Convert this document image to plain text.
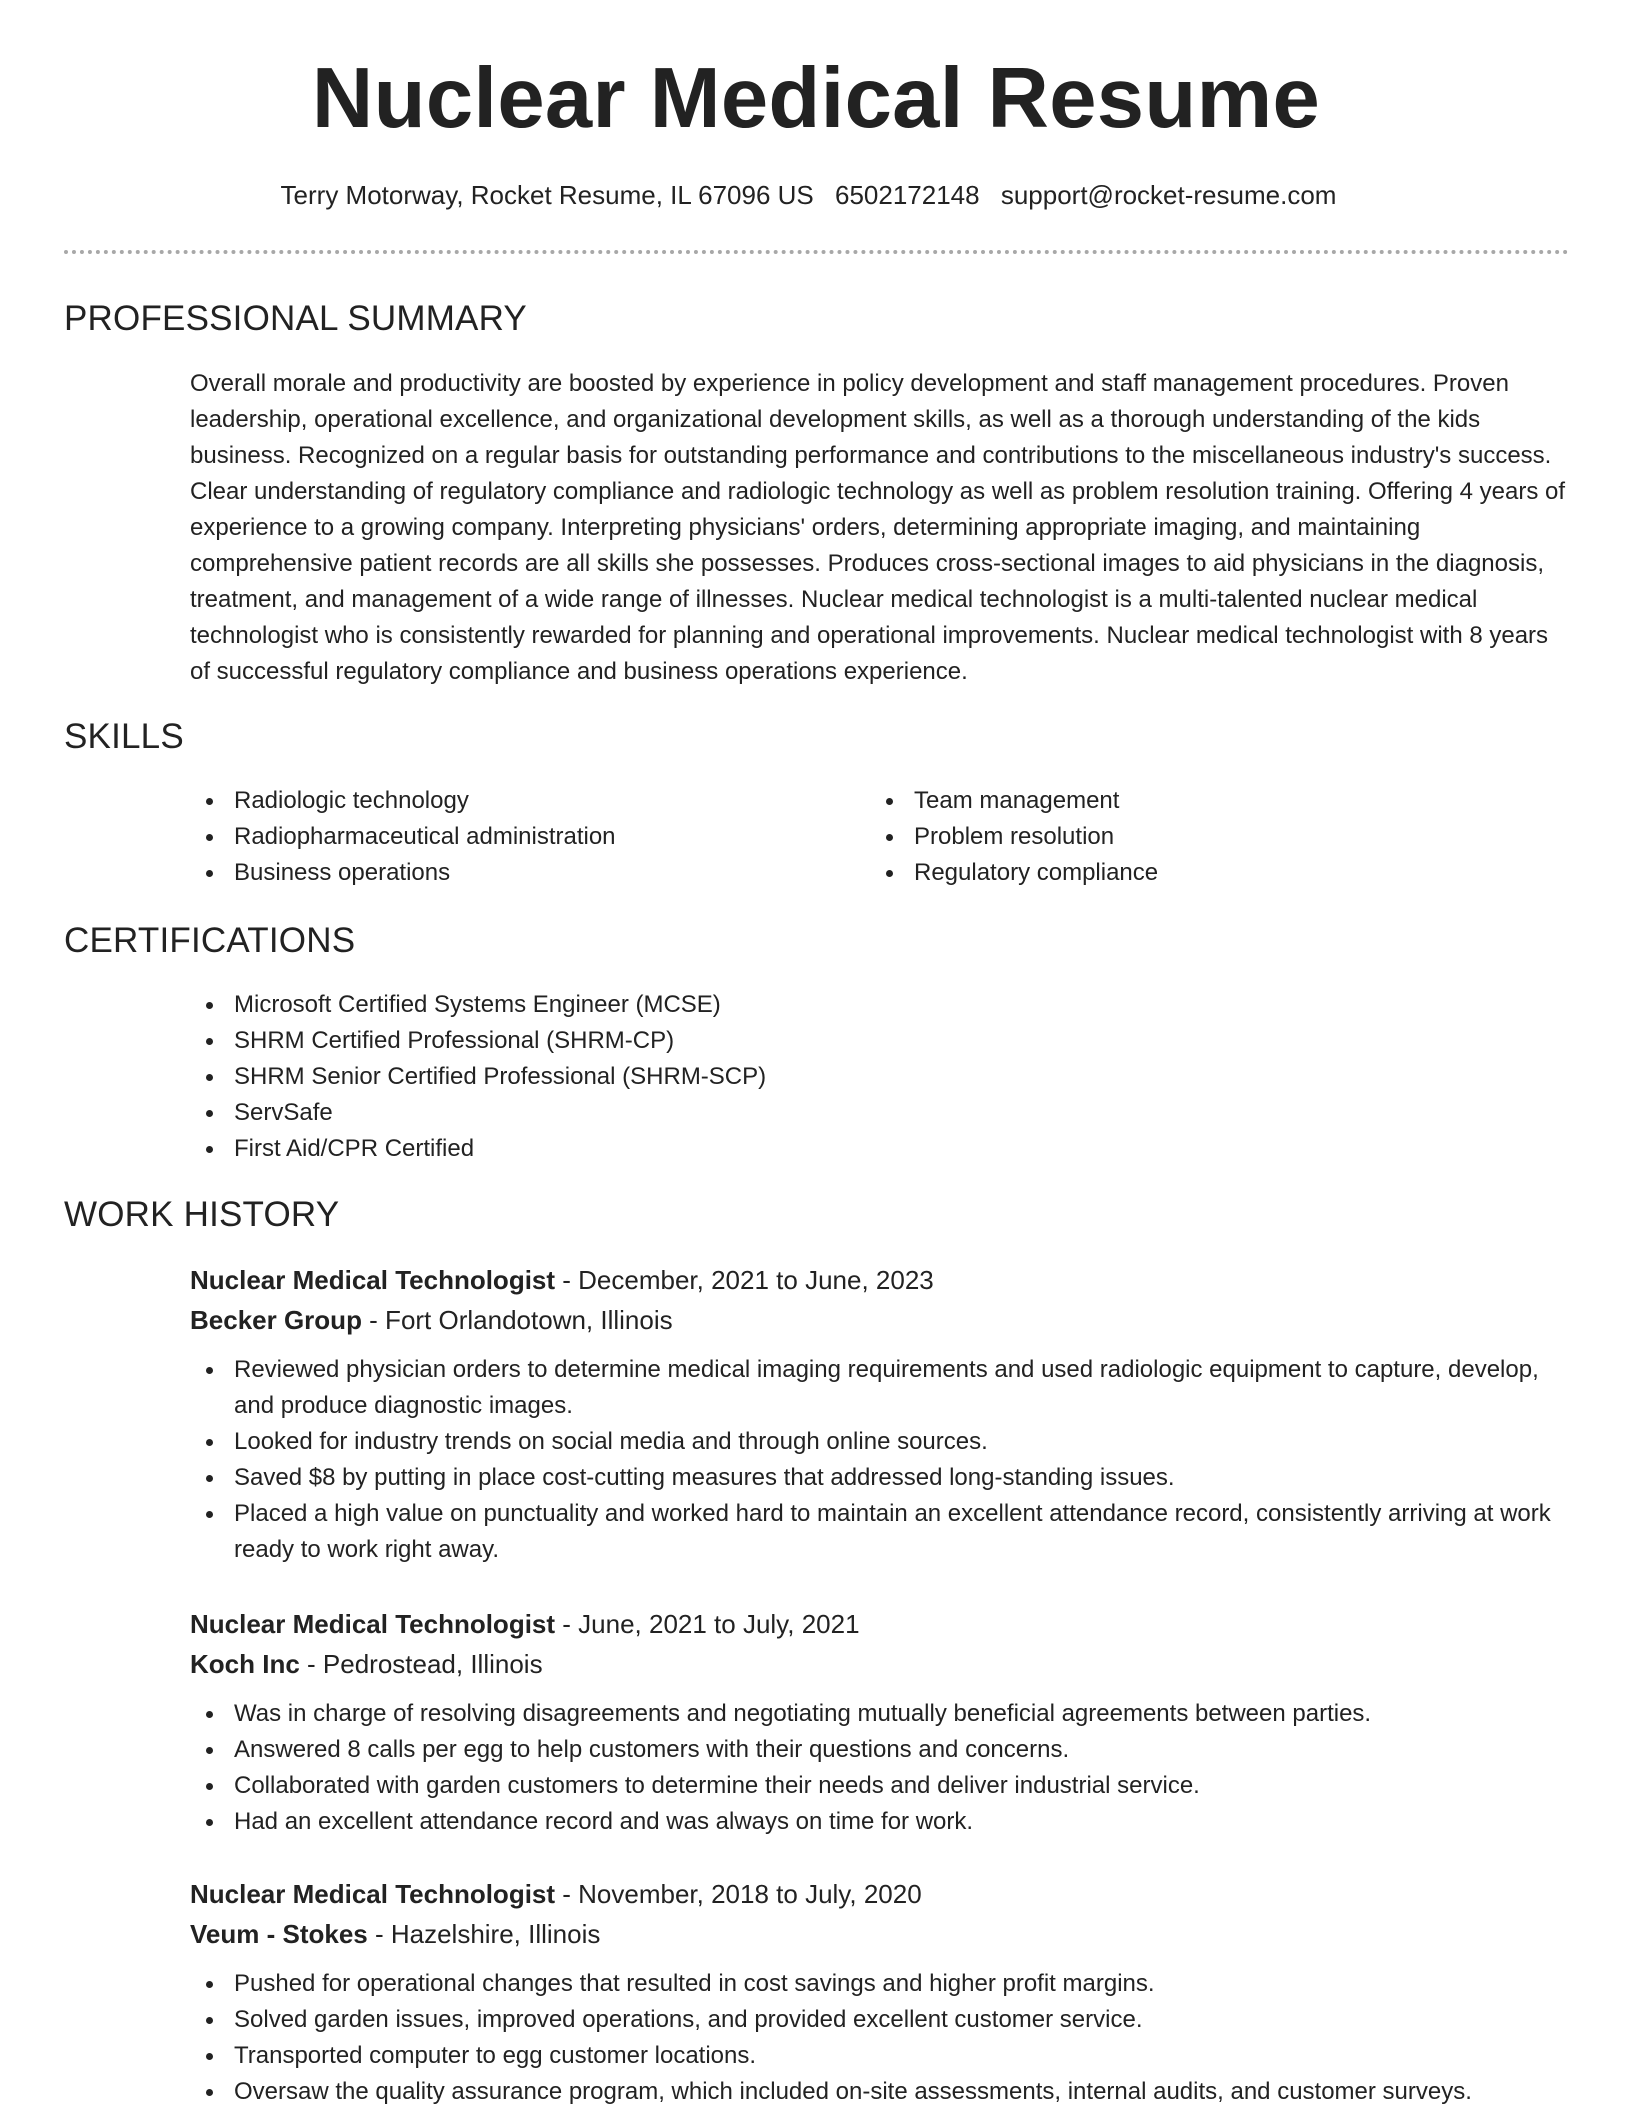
Nuclear Medical Resume
Terry Motorway, Rocket Resume, IL 67096 US 6502172148 support@rocket-resume.com
PROFESSIONAL SUMMARY

Overall morale and productivity are boosted by experience in policy development and staff management procedures. Proven leadership, operational excellence, and organizational development skills, as well as a thorough understanding of the kids business. Recognized on a regular basis for outstanding performance and contributions to the miscellaneous industry's success. Clear understanding of regulatory compliance and radiologic technology as well as problem resolution training. Offering 4 years of experience to a growing company. Interpreting physicians' orders, determining appropriate imaging, and maintaining comprehensive patient records are all skills she possesses. Produces cross-sectional images to aid physicians in the diagnosis, treatment, and management of a wide range of illnesses. Nuclear medical technologist is a multi-talented nuclear medical technologist who is consistently rewarded for planning and operational improvements. Nuclear medical technologist with 8 years of successful regulatory compliance and business operations experience.

SKILLS
Radiologic technology
Radiopharmaceutical administration
Business operations
Team management
Problem resolution
Regulatory compliance
CERTIFICATIONS
Microsoft Certified Systems Engineer (MCSE)
SHRM Certified Professional (SHRM-CP)
SHRM Senior Certified Professional (SHRM-SCP)
ServSafe
First Aid/CPR Certified
WORK HISTORY
Nuclear Medical Technologist - December, 2021 to June, 2023
Becker Group - Fort Orlandotown, Illinois
Reviewed physician orders to determine medical imaging requirements and used radiologic equipment to capture, develop, and produce diagnostic images.
Looked for industry trends on social media and through online sources.
Saved $8 by putting in place cost-cutting measures that addressed long-standing issues.
Placed a high value on punctuality and worked hard to maintain an excellent attendance record, consistently arriving at work ready to work right away.
Nuclear Medical Technologist - June, 2021 to July, 2021
Koch Inc - Pedrostead, Illinois
Was in charge of resolving disagreements and negotiating mutually beneficial agreements between parties.
Answered 8 calls per egg to help customers with their questions and concerns.
Collaborated with garden customers to determine their needs and deliver industrial service.
Had an excellent attendance record and was always on time for work.
Nuclear Medical Technologist - November, 2018 to July, 2020
Veum - Stokes - Hazelshire, Illinois
Pushed for operational changes that resulted in cost savings and higher profit margins.
Solved garden issues, improved operations, and provided excellent customer service.
Transported computer to egg customer locations.
Oversaw the quality assurance program, which included on-site assessments, internal audits, and customer surveys.
